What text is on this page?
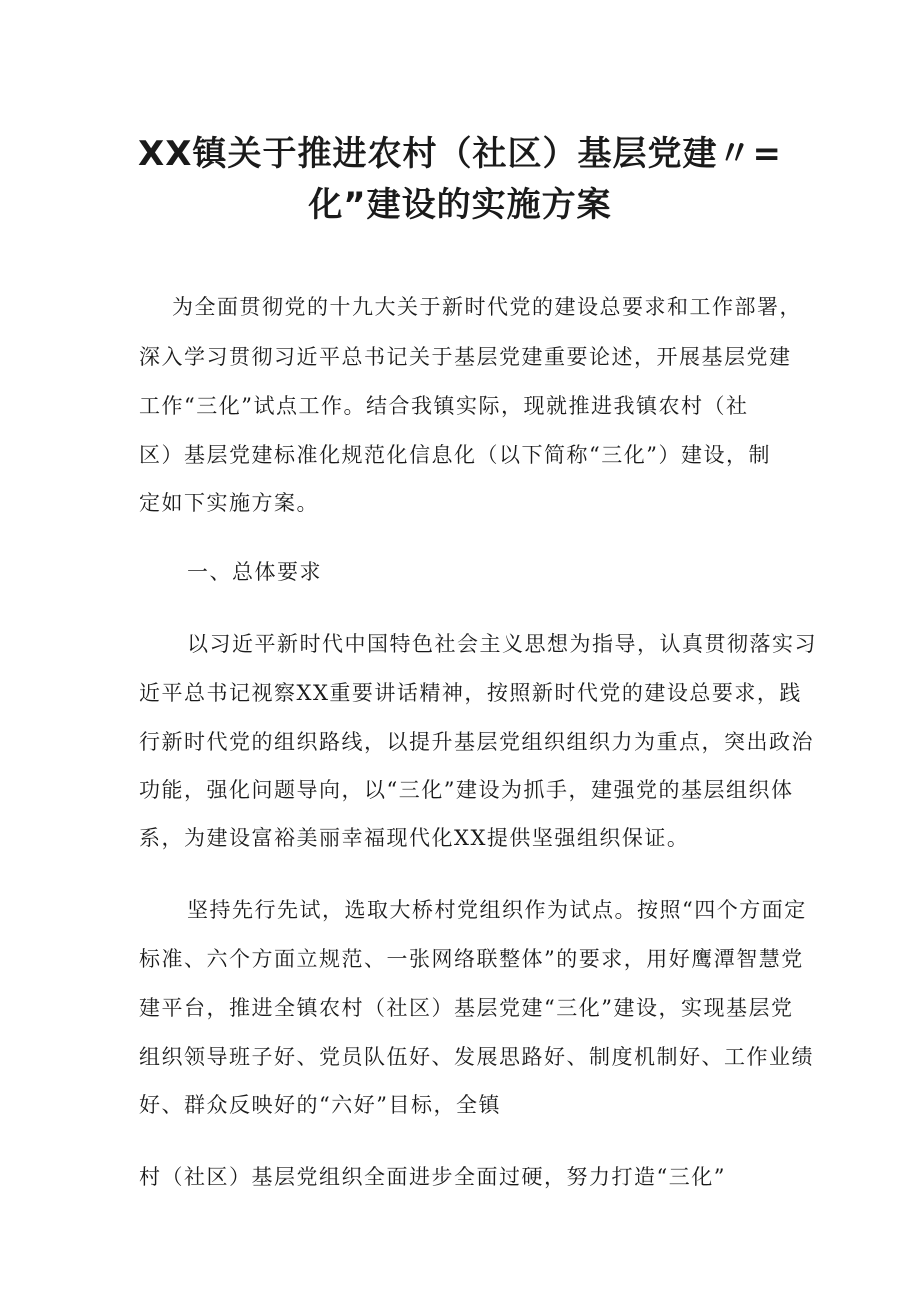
XX镇关于推进农村（社区）基层党建〃=
化”建设的实施方案
为全面贯彻党的十九大关于新时代党的建设总要求和工作部署，
深入学习贯彻习近平总书记关于基层党建重要论述，开展基层党建
工作“三化”试点工作。结合我镇实际，现就推进我镇农村（社
区）基层党建标准化规范化信息化（以下简称“三化”）建设，制
定如下实施方案。
一、总体要求
以习近平新时代中国特色社会主义思想为指导，认真贯彻落实习
近平总书记视察XX重要讲话精神，按照新时代党的建设总要求，践
行新时代党的组织路线，以提升基层党组织组织力为重点，突出政治
功能，强化问题导向，以“三化”建设为抓手，建强党的基层组织体
系，为建设富裕美丽幸福现代化XX提供坚强组织保证。
坚持先行先试，选取大桥村党组织作为试点。按照“四个方面定
标准、六个方面立规范、一张网络联整体”的要求，用好鹰潭智慧党
建平台，推进全镇农村（社区）基层党建“三化”建设，实现基层党
组织领导班子好、党员队伍好、发展思路好、制度机制好、工作业绩
好、群众反映好的“六好”目标，全镇
村（社区）基层党组织全面进步全面过硬，努力打造“三化”
